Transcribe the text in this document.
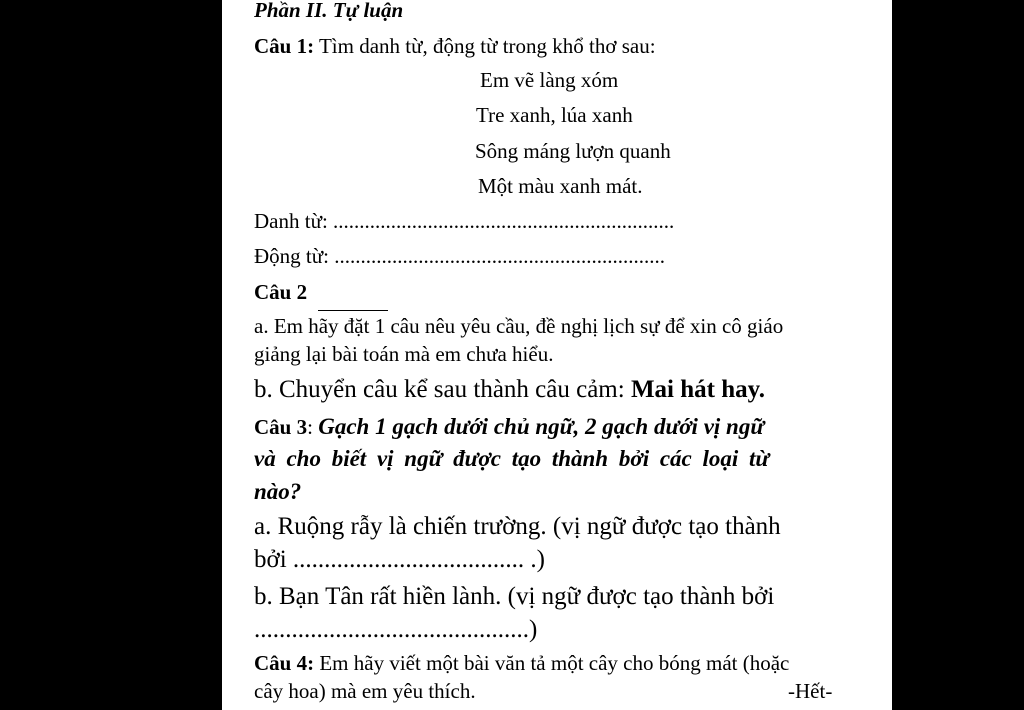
Phần II. Tự luận
Câu 1: Tìm danh từ, động từ trong khổ thơ sau:
Em vẽ làng xóm
Tre xanh, lúa xanh
Sông máng lượn quanh
Một màu xanh mát.
Danh từ: .................................................................
Động từ: ...............................................................
Câu 2
a. Em hãy đặt 1 câu nêu yêu cầu, đề nghị lịch sự để xin cô giáo
giảng lại bài toán mà em chưa hiểu.
b. Chuyển câu kể sau thành câu cảm: Mai hát hay.
Câu 3: Gạch 1 gạch dưới chủ ngữ, 2 gạch dưới vị ngữ
và cho biết vị ngữ được tạo thành bởi các loại từ
nào?
a. Ruộng rẫy là chiến trường. (vị ngữ được tạo thành
bởi ..................................... .)
b. Bạn Tân rất hiền lành. (vị ngữ được tạo thành bởi
............................................)
Câu 4: Em hãy viết một bài văn tả một cây cho bóng mát (hoặc
cây hoa) mà em yêu thích.	-Hết-
